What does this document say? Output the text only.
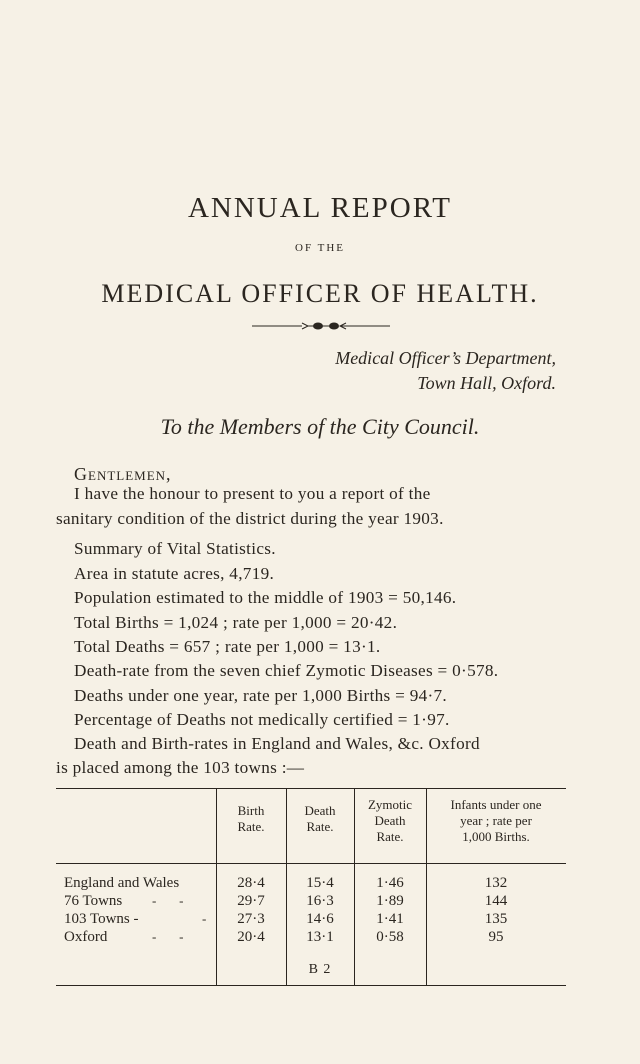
ANNUAL REPORT
OF THE
MEDICAL OFFICER OF HEALTH.
Medical Officer’s Department,
Town Hall, Oxford.
To the Members of the City Council.
Gentlemen,
I have the honour to present to you a report of the
sanitary condition of the district during the year 1903.
Summary of Vital Statistics.
Area in statute acres, 4,719.
Population estimated to the middle of 1903 = 50,146.
Total Births = 1,024 ; rate per 1,000 = 20·42.
Total Deaths = 657 ; rate per 1,000 = 13·1.
Death-rate from the seven chief Zymotic Diseases = 0·578.
Deaths under one year, rate per 1,000 Births = 94·7.
Percentage of Deaths not medically certified = 1·97.
Death and Birth-rates in England and Wales, &c. Oxford
is placed among the 103 towns :—
Birth
Rate.
Death
Rate.
Zymotic
Death
Rate.
Infants under one
year ; rate per
1,000 Births.
England and Wales
76 Towns
103 Towns -
Oxford
-       -
-
-       -
28·4
29·7
27·3
20·4
15·4
16·3
14·6
13·1
1·46
1·89
1·41
0·58
132
144
135
95
B 2
